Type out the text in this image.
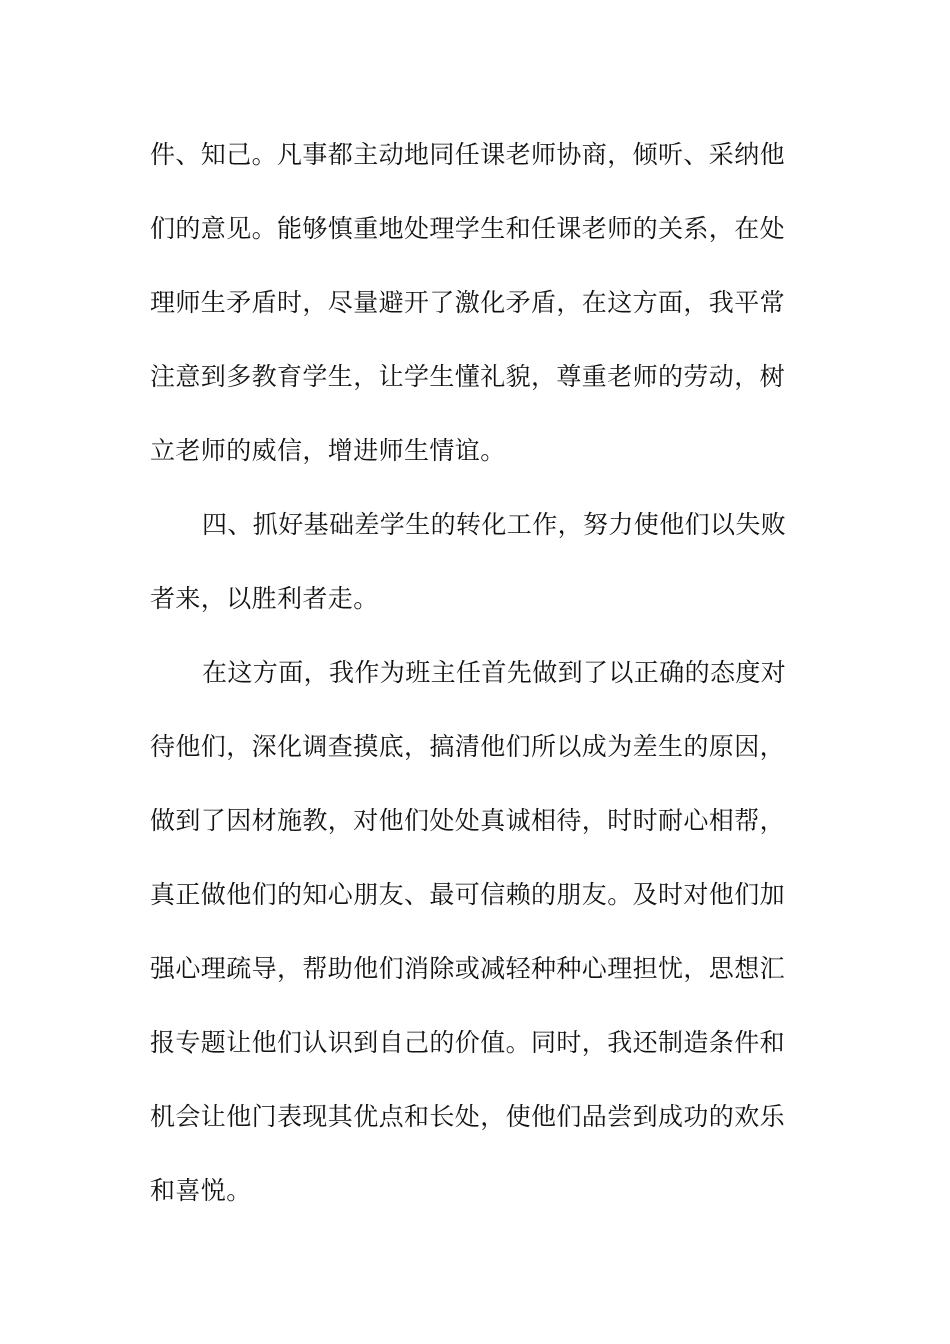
件、知己。凡事都主动地同任课老师协商，倾听、采纳他
们的意见。能够慎重地处理学生和任课老师的关系，在处
理师生矛盾时，尽量避开了激化矛盾，在这方面，我平常
注意到多教育学生，让学生懂礼貌，尊重老师的劳动，树
立老师的威信，增进师生情谊。
四、抓好基础差学生的转化工作，努力使他们以失败
者来，以胜利者走。
在这方面，我作为班主任首先做到了以正确的态度对
待他们，深化调查摸底，搞清他们所以成为差生的原因，
做到了因材施教，对他们处处真诚相待，时时耐心相帮，
真正做他们的知心朋友、最可信赖的朋友。及时对他们加
强心理疏导，帮助他们消除或减轻种种心理担忧，思想汇
报专题让他们认识到自己的价值。同时，我还制造条件和
机会让他门表现其优点和长处，使他们品尝到成功的欢乐
和喜悦。
